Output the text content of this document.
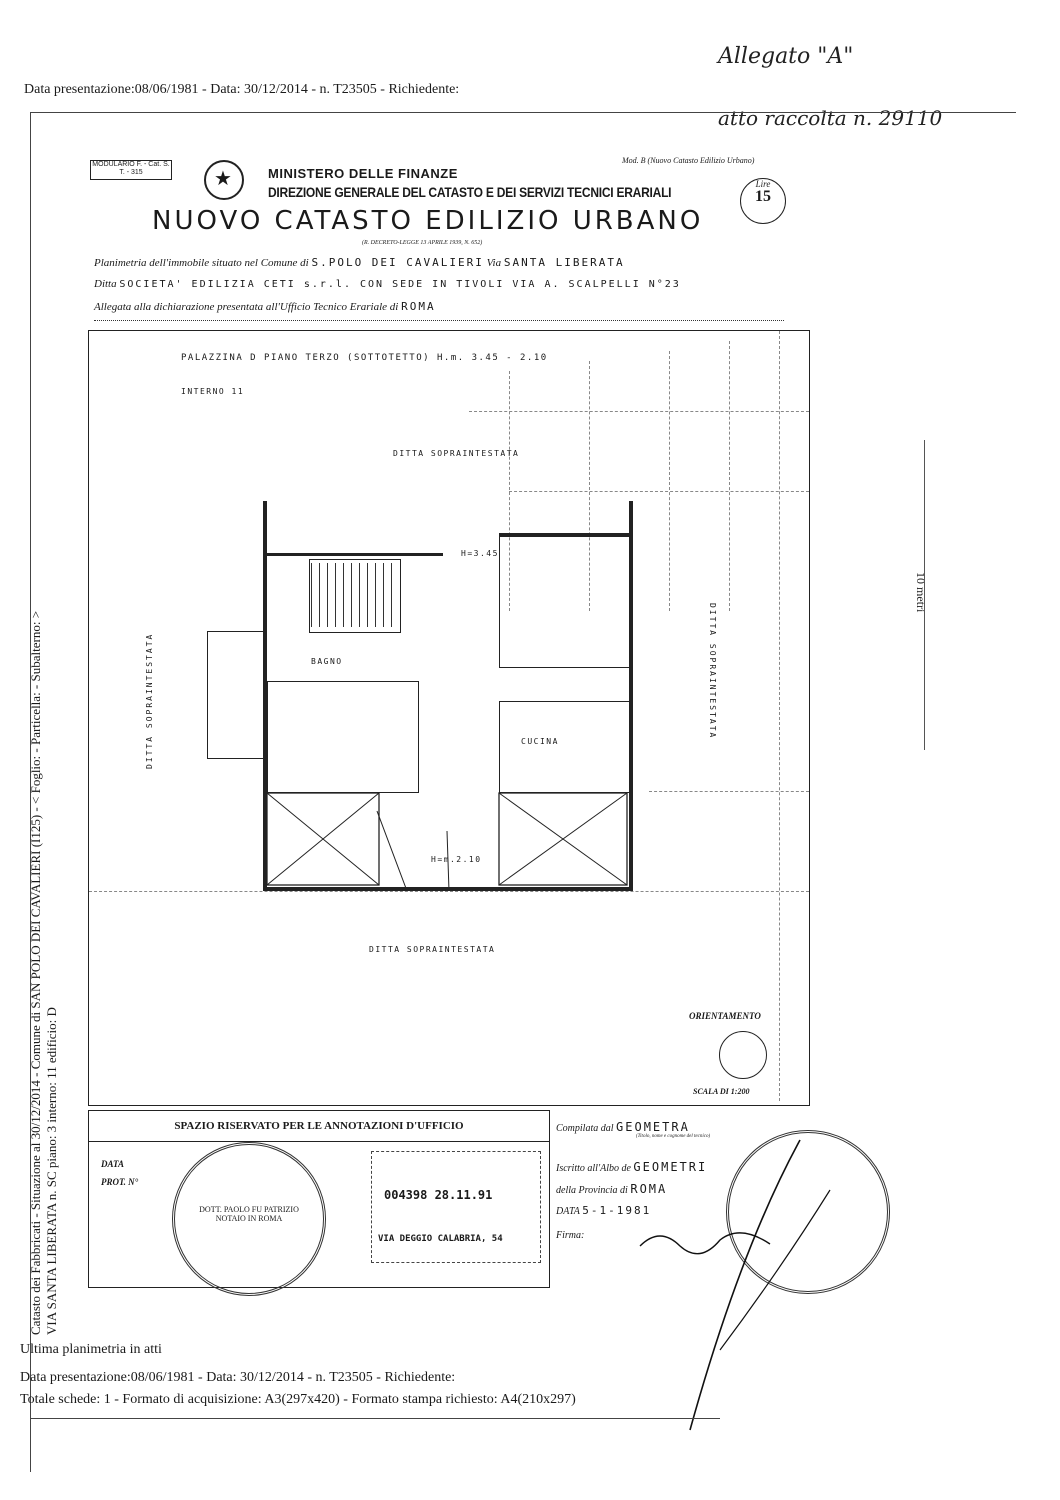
Data presentazione:08/06/1981 - Data: 30/12/2014 - n. T23505 - Richiedente:
Allegato "A"
atto raccolta n. 29110
Catasto dei Fabbricati - Situazione al 30/12/2014 - Comune di SAN POLO DEI CAVALIERI (I125) - < Foglio: - Particella: - Subalterno: > VIA SANTA LIBERATA n. SC piano: 3 interno: 11 edificio: D
10 metri
MODULARIO F. - Cat. S. T. - 315
★	MINISTERO DELLE FINANZE
DIREZIONE GENERALE DEL CATASTO E DEI SERVIZI TECNICI ERARIALI
NUOVO CATASTO EDILIZIO URBANO
(R. DECRETO-LEGGE 13 APRILE 1939, N. 652)
Mod. B (Nuovo Catasto Edilizio Urbano)
Lire
15
Planimetria dell'immobile situato nel Comune di S.POLO DEI CAVALIERI Via SANTA LIBERATA
Ditta SOCIETA' EDILIZIA CETI s.r.l. CON SEDE IN TIVOLI VIA A. SCALPELLI N°23
Allegata alla dichiarazione presentata all'Ufficio Tecnico Erariale di ROMA
PALAZZINA D PIANO TERZO (SOTTOTETTO) H.m. 3.45 - 2.10
INTERNO 11
DITTA SOPRAINTESTATA
DITTA SOPRAINTESTATA	DITTA SOPRAINTESTATA
DITTA SOPRAINTESTATA
H=3.45
H=m.2.10
BAGNO
CUCINA
ORIENTAMENTO
SCALA DI 1:200
SPAZIO RISERVATO PER LE ANNOTAZIONI D'UFFICIO
DATA
PROT. N°
004398 28.11.91
VIA DEGGIO CALABRIA, 54
DOTT. PAOLO FU PATRIZIO NOTAIO IN ROMA
Compilata dal GEOMETRA
(Titolo, nome e cognome del tecnico)
Iscritto all'Albo de GEOMETRI
della Provincia di ROMA
DATA 5-1-1981
Firma:
Ultima planimetria in atti
Data presentazione:08/06/1981 - Data: 30/12/2014 - n. T23505 - Richiedente:
Totale schede: 1 - Formato di acquisizione: A3(297x420) - Formato stampa richiesto: A4(210x297)
